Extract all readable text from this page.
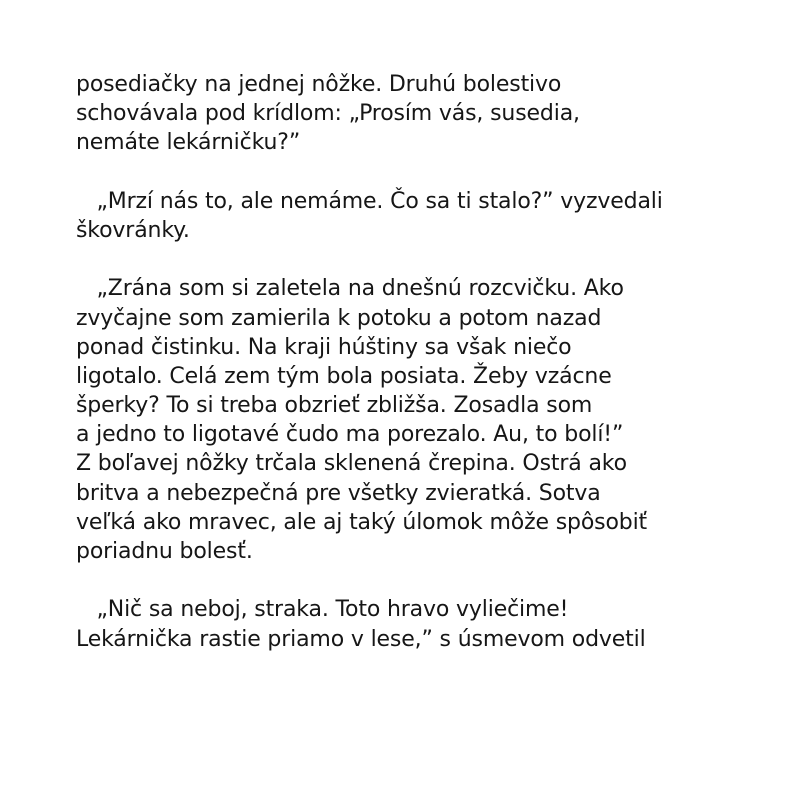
posediačky na jednej nôžke. Druhú bolestivo
schovávala pod krídlom: „Prosím vás, susedia,
nemáte lekárničku?”
„Mrzí nás to, ale nemáme. Čo sa ti stalo?” vyzvedali
škovránky.
„Zrána som si zaletela na dnešnú rozcvičku. Ako
zvyčajne som zamierila k potoku a potom nazad
ponad čistinku. Na kraji húštiny sa však niečo
ligotalo. Celá zem tým bola posiata. Žeby vzácne
šperky? To si treba obzrieť zbližša. Zosadla som
a jedno to ligotavé čudo ma porezalo. Au, to bolí!”
Z boľavej nôžky trčala sklenená črepina. Ostrá ako
britva a nebezpečná pre všetky zvieratká. Sotva
veľká ako mravec, ale aj taký úlomok môže spôsobiť
poriadnu bolesť.
„Nič sa neboj, straka. Toto hravo vyliečime!
Lekárnička rastie priamo v lese,” s úsmevom odvetil
